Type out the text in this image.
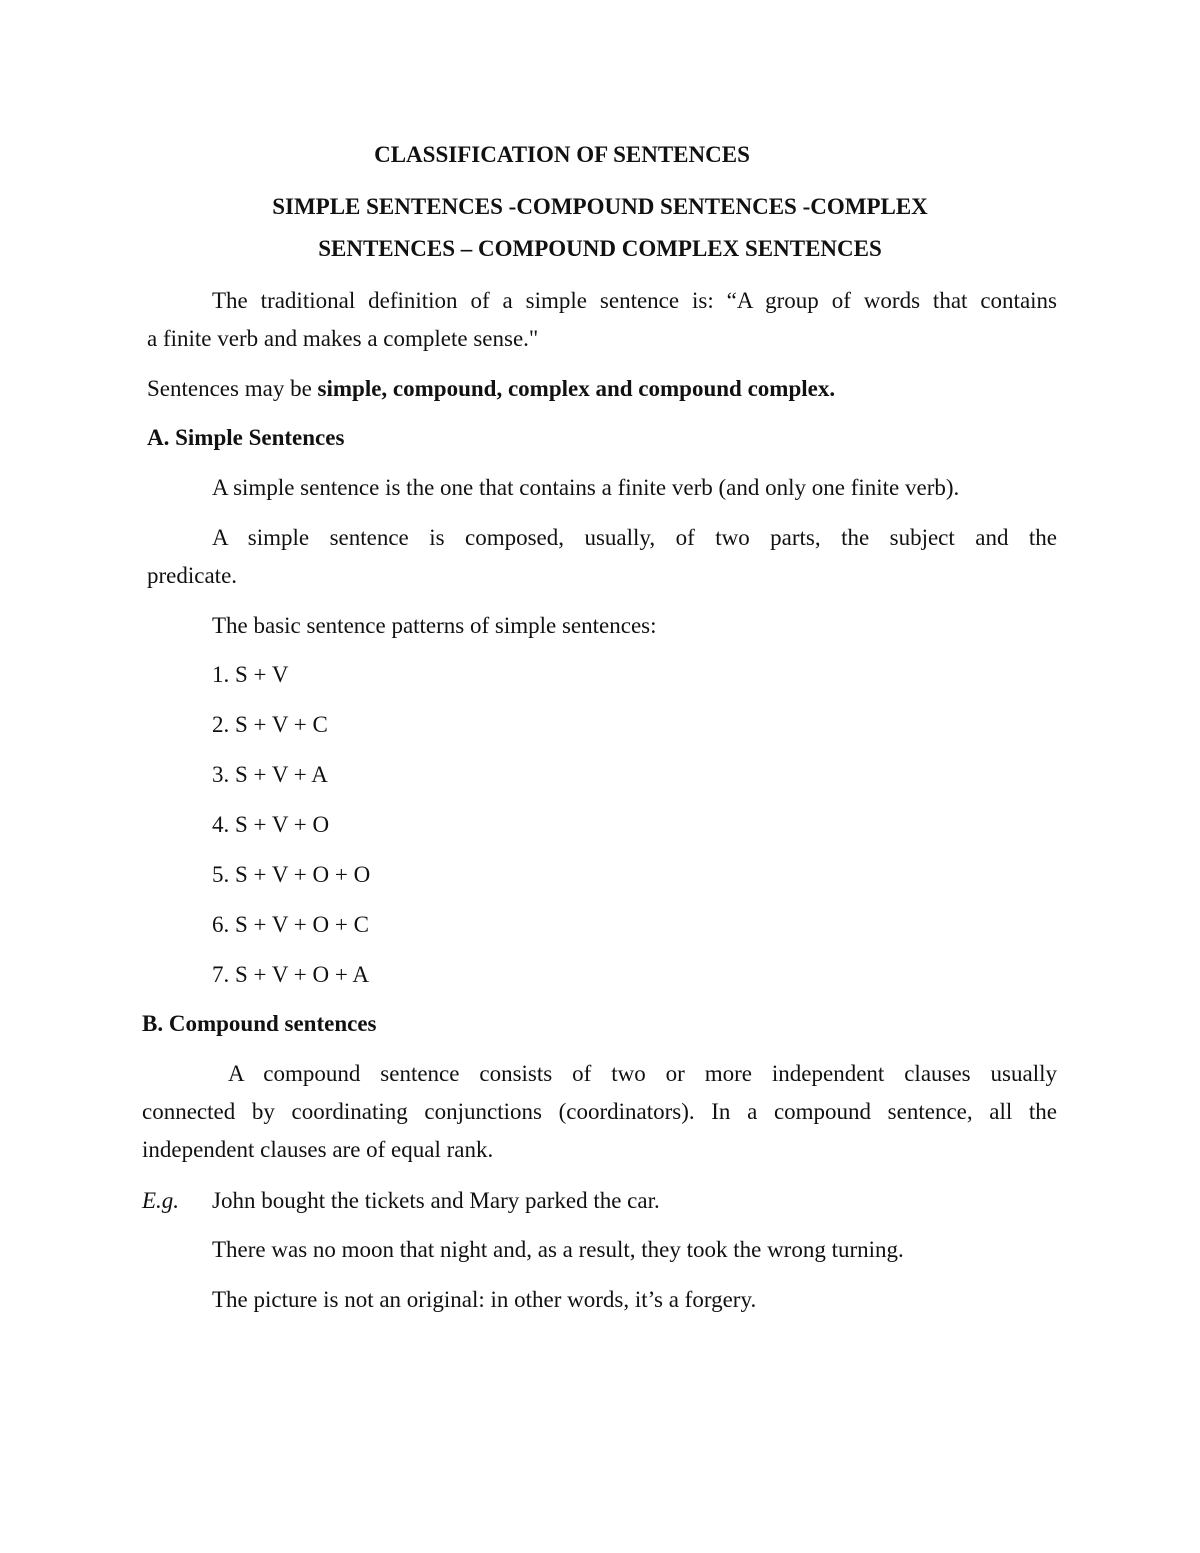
CLASSIFICATION OF SENTENCES

SIMPLE SENTENCES -COMPOUND SENTENCES -COMPLEX

SENTENCES – COMPOUND COMPLEX SENTENCES

The traditional definition of a simple sentence is: “A group of words that contains

a finite verb and makes a complete sense."

Sentences may be simple, compound, complex and compound complex.

A. Simple Sentences

A simple sentence is the one that contains a finite verb (and only one finite verb).

A simple sentence is composed, usually, of two parts, the subject and the

predicate.

The basic sentence patterns of simple sentences:

1. S + V

2. S + V + C

3. S + V + A

4. S + V + O

5. S + V + O + O

6. S + V + O + C

7. S + V + O + A

B. Compound sentences

A compound sentence consists of two or more independent clauses usually

connected by coordinating conjunctions (coordinators). In a compound sentence, all the

independent clauses are of equal rank.

E.g. John bought the tickets and Mary parked the car.

There was no moon that night and, as a result, they took the wrong turning.

The picture is not an original: in other words, it’s a forgery.
